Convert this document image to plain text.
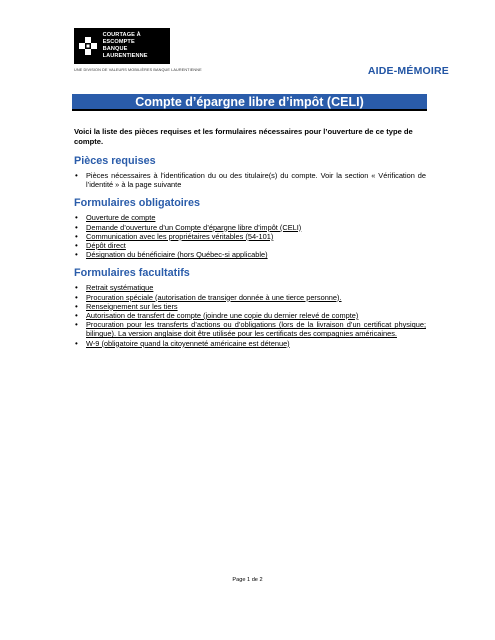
COURTAGE À ESCOMPTE
BANQUE LAURENTIENNE
UNE DIVISION DE VALEURS MOBILIÈRES BANQUE LAURENTIENNE	AIDE-MÉMOIRE
Compte d’épargne libre d’impôt (CELI)

Voici la liste des pièces requises et les formulaires nécessaires pour l’ouverture de ce type de compte.

Pièces requises
• Pièces nécessaires à l’identification du ou des titulaire(s) du compte. Voir la section « Vérification de l’identité » à la page suivante
Formulaires obligatoires
• Ouverture de compte
• Demande d’ouverture d’un Compte d’épargne libre d’impôt (CELI)
• Communication avec les propriétaires véritables (54-101)
• Dépôt direct
• Désignation du bénéficiaire (hors Québec-si applicable)
Formulaires facultatifs
• Retrait systématique
• Procuration spéciale (autorisation de transiger donnée à une tierce personne).
• Renseignement sur les tiers
• Autorisation de transfert de compte (joindre une copie du dernier relevé de compte)
• Procuration pour les transferts d’actions ou d’obligations (lors de la livraison d’un certificat physique; bilingue). La version anglaise doit être utilisée pour les certificats des compagnies américaines.
• W-9 (obligatoire quand la citoyenneté américaine est détenue)
Page 1 de 2
